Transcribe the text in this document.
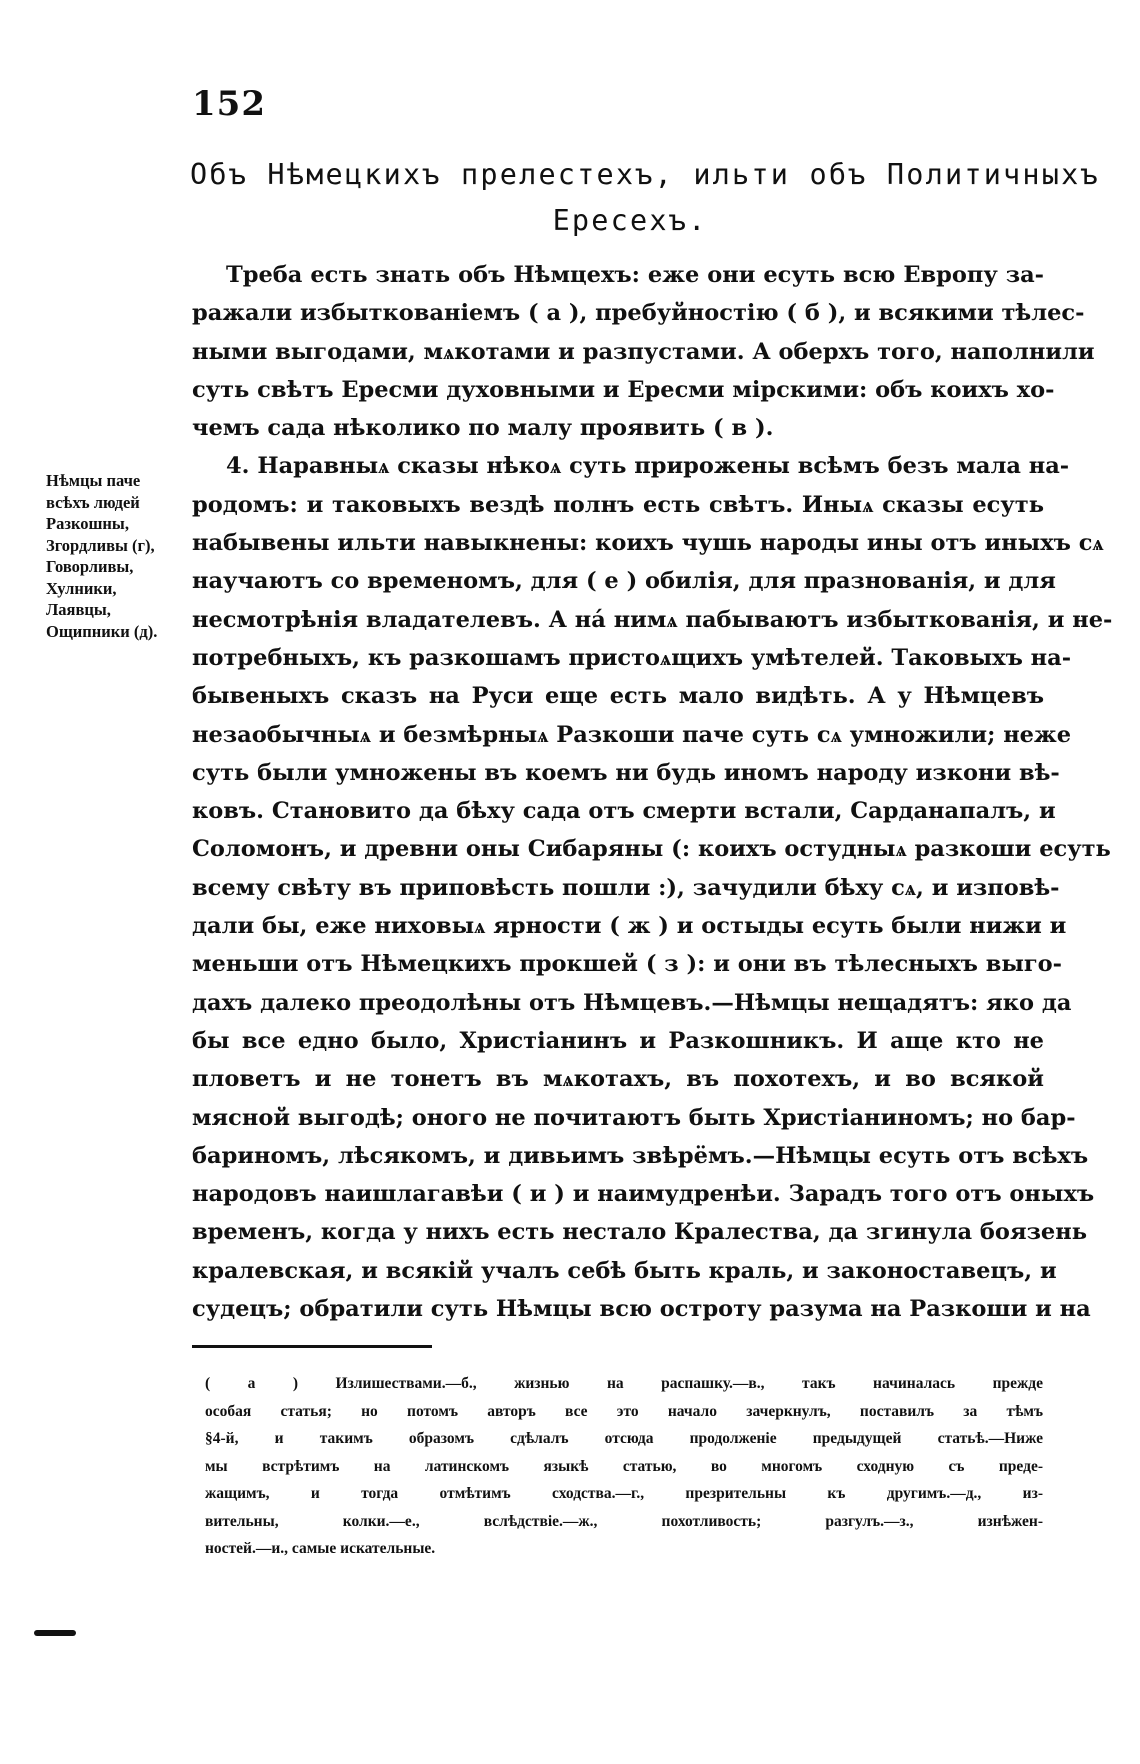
152
Объ Нѣмецкихъ прелестехъ, ильти объ Политичныхъ
Ересехъ.
Нѣмцы паче
всѣхъ людей
Разкошны,
Згордливы (г),
Говорливы,
Хулники,
Лаявцы,
Ощипники (д).
Треба есть знать объ Нѣмцехъ: еже они есуть всю Европу за-
ражали избыткованіемъ ( а ), пребуйностію ( б ), и всякими тѣлес-
ными выгодами, мѧкотами и разпустами. А оберхъ того, наполнили
суть свѣтъ Ересми духовными и Ересми мірскими: объ коихъ хо-
чемъ сада нѣколико по малу проявить ( в ).
4. Наравныѧ сказы нѣкоѧ суть прирожены всѣмъ безъ мала на-
родомъ: и таковыхъ вездѣ полнъ есть свѣтъ. Иныѧ сказы есуть
набывены ильти навыкнены: коихъ чушь народы ины отъ иныхъ сѧ
научаютъ со временомъ, для ( е ) обилія, для празнованія, и для
несмотрѣнія владателевъ. А на́ нимѧ пабываютъ избыткованія, и не-
потребныхъ, къ разкошамъ пристоѧщихъ умѣтелей. Таковыхъ на-
бывеныхъ сказъ на Руси еще есть мало видѣть. А у Нѣмцевъ
незаобычныѧ и безмѣрныѧ Разкоши паче суть сѧ умножили; неже
суть были умножены въ коемъ ни будь иномъ народу изкони вѣ-
ковъ. Становито да бѣху сада отъ смерти встали, Сарданапалъ, и
Соломонъ, и древни оны Сибаряны (: коихъ остудныѧ разкоши есуть
всему свѣту въ приповѣсть пошли :), зачудили бѣху сѧ, и изповѣ-
дали бы, еже ниховыѧ ярности ( ж ) и остыды есуть были нижи и
меньши отъ Нѣмецкихъ прокшей ( з ): и они въ тѣлесныхъ выго-
дахъ далеко преодолѣны отъ Нѣмцевъ.—Нѣмцы нещадятъ: яко да
бы все едно было, Христіанинъ и Разкошникъ. И аще кто не
пловетъ и не тонетъ въ мѧкотахъ, въ похотехъ, и во всякой
мясной выгодѣ; оного не почитаютъ быть Христіаниномъ; но бар-
бариномъ, лѣсякомъ, и дивьимъ звѣрёмъ.—Нѣмцы есуть отъ всѣхъ
народовъ наишлагавѣи ( и ) и наимудренѣи. Зарадъ того отъ оныхъ
временъ, когда у нихъ есть нестало Кралества, да згинула боязень
кралевская, и всякій учалъ себѣ быть краль, и законоставецъ, и
судецъ; обратили суть Нѣмцы всю остроту разума на Разкоши и на
( а ) Излишествами.—б., жизнью на распашку.—в., такъ начиналась прежде
особая статья; но потомъ авторъ все это начало зачеркнулъ, поставилъ за тѣмъ
§4-й, и такимъ образомъ сдѣлалъ отсюда продолженіе предыдущей статьѣ.—Ниже
мы встрѣтимъ на латинскомъ языкѣ статью, во многомъ сходную съ преде-
жащимъ, и тогда отмѣтимъ сходства.—г., презрительны къ другимъ.—д., из-
вительны, колки.—е., вслѣдствіе.—ж., похотливость; разгулъ.—з., изнѣжен-
ностей.—и., самые искательные.
